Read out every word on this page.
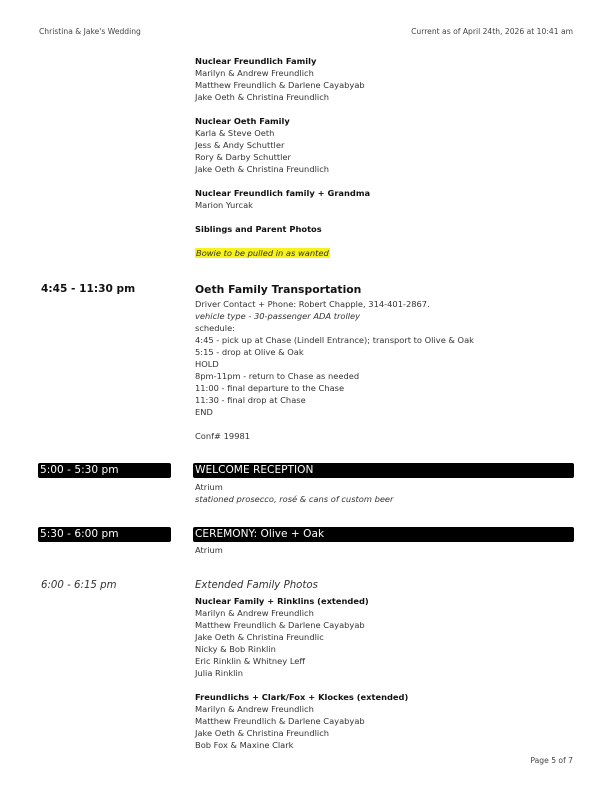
Christina & Jake's Wedding	Current as of April 24th, 2026 at 10:41 am
Nuclear Freundlich Family
Marilyn & Andrew Freundlich
Matthew Freundlich & Darlene Cayabyab
Jake Oeth & Christina Freundlich
Nuclear Oeth Family
Karla & Steve Oeth
Jess & Andy Schuttler
Rory & Darby Schuttler
Jake Oeth & Christina Freundlich
Nuclear Freundlich family + Grandma
Marion Yurcak
Siblings and Parent Photos
Bowie to be pulled in as wanted
4:45 - 11:30 pm	Oeth Family Transportation
Driver Contact + Phone: Robert Chapple, 314-401-2867.
vehicle type - 30-passenger ADA trolley
schedule:
4:45 - pick up at Chase (Lindell Entrance); transport to Olive & Oak
5:15 - drop at Olive & Oak
HOLD
8pm-11pm - return to Chase as needed
11:00 - final departure to the Chase
11:30 - final drop at Chase
END
Conf# 19981
5:00 - 5:30 pm	WELCOME RECEPTION
Atrium
stationed prosecco, rosé & cans of custom beer
5:30 - 6:00 pm	CEREMONY: Olive + Oak
Atrium
6:00 - 6:15 pm	Extended Family Photos
Nuclear Family + Rinklins (extended)
Marilyn & Andrew Freundlich
Matthew Freundlich & Darlene Cayabyab
Jake Oeth & Christina Freundlic
Nicky & Bob Rinklin
Eric Rinklin & Whitney Leff
Julia Rinklin
Freundlichs + Clark/Fox + Klockes (extended)
Marilyn & Andrew Freundlich
Matthew Freundlich & Darlene Cayabyab
Jake Oeth & Christina Freundlich
Bob Fox & Maxine Clark
Page 5 of 7
